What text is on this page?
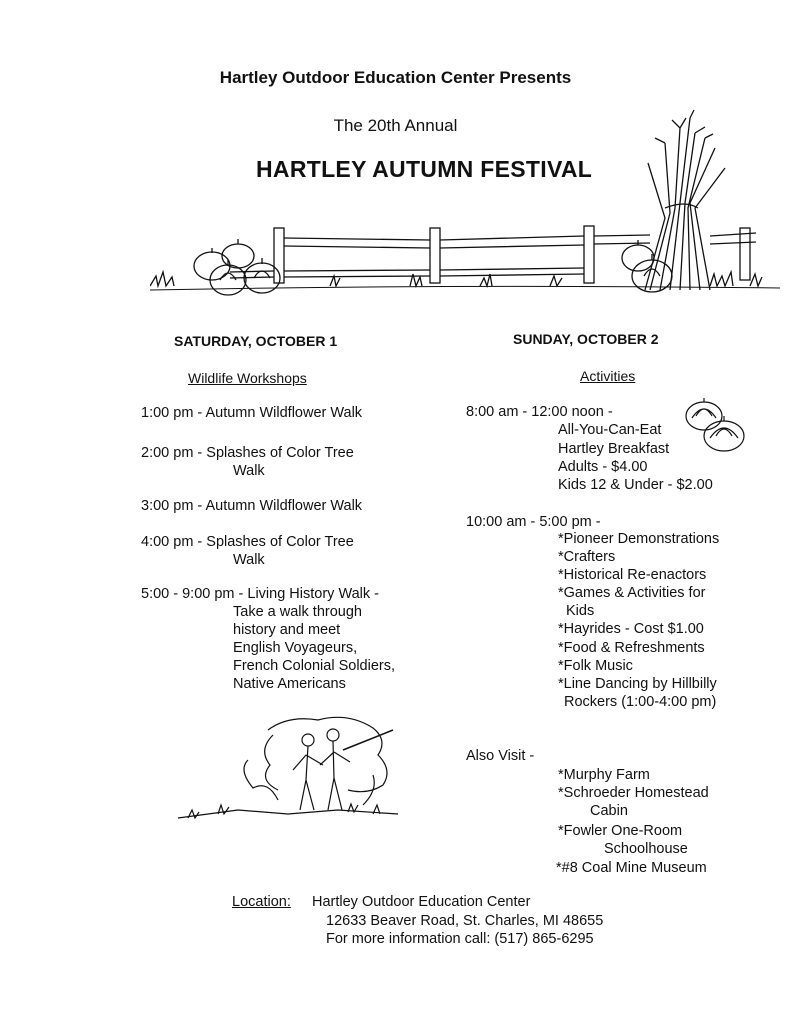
Hartley Outdoor Education Center Presents
The 20th Annual
HARTLEY AUTUMN FESTIVAL
SATURDAY, OCTOBER 1
Wildlife Workshops
1:00 pm - Autumn Wildflower Walk
2:00 pm - Splashes of Color Tree
Walk
3:00 pm - Autumn Wildflower Walk
4:00 pm - Splashes of Color Tree
Walk
5:00 - 9:00 pm - Living History Walk -
Take a walk through
history and meet
English Voyageurs,
French Colonial Soldiers,
Native Americans
SUNDAY, OCTOBER 2
Activities
8:00 am - 12:00 noon -
All-You-Can-Eat
Hartley Breakfast
Adults - $4.00
Kids 12 & Under - $2.00
10:00 am - 5:00 pm -
*Pioneer Demonstrations
*Crafters
*Historical Re-enactors
*Games & Activities for
Kids
*Hayrides - Cost $1.00
*Food & Refreshments
*Folk Music
*Line Dancing by Hillbilly
Rockers (1:00-4:00 pm)
Also Visit -
*Murphy Farm
*Schroeder Homestead
Cabin
*Fowler One-Room
Schoolhouse
*#8 Coal Mine Museum
Location: Hartley Outdoor Education Center
12633 Beaver Road, St. Charles, MI 48655
For more information call: (517) 865-6295
